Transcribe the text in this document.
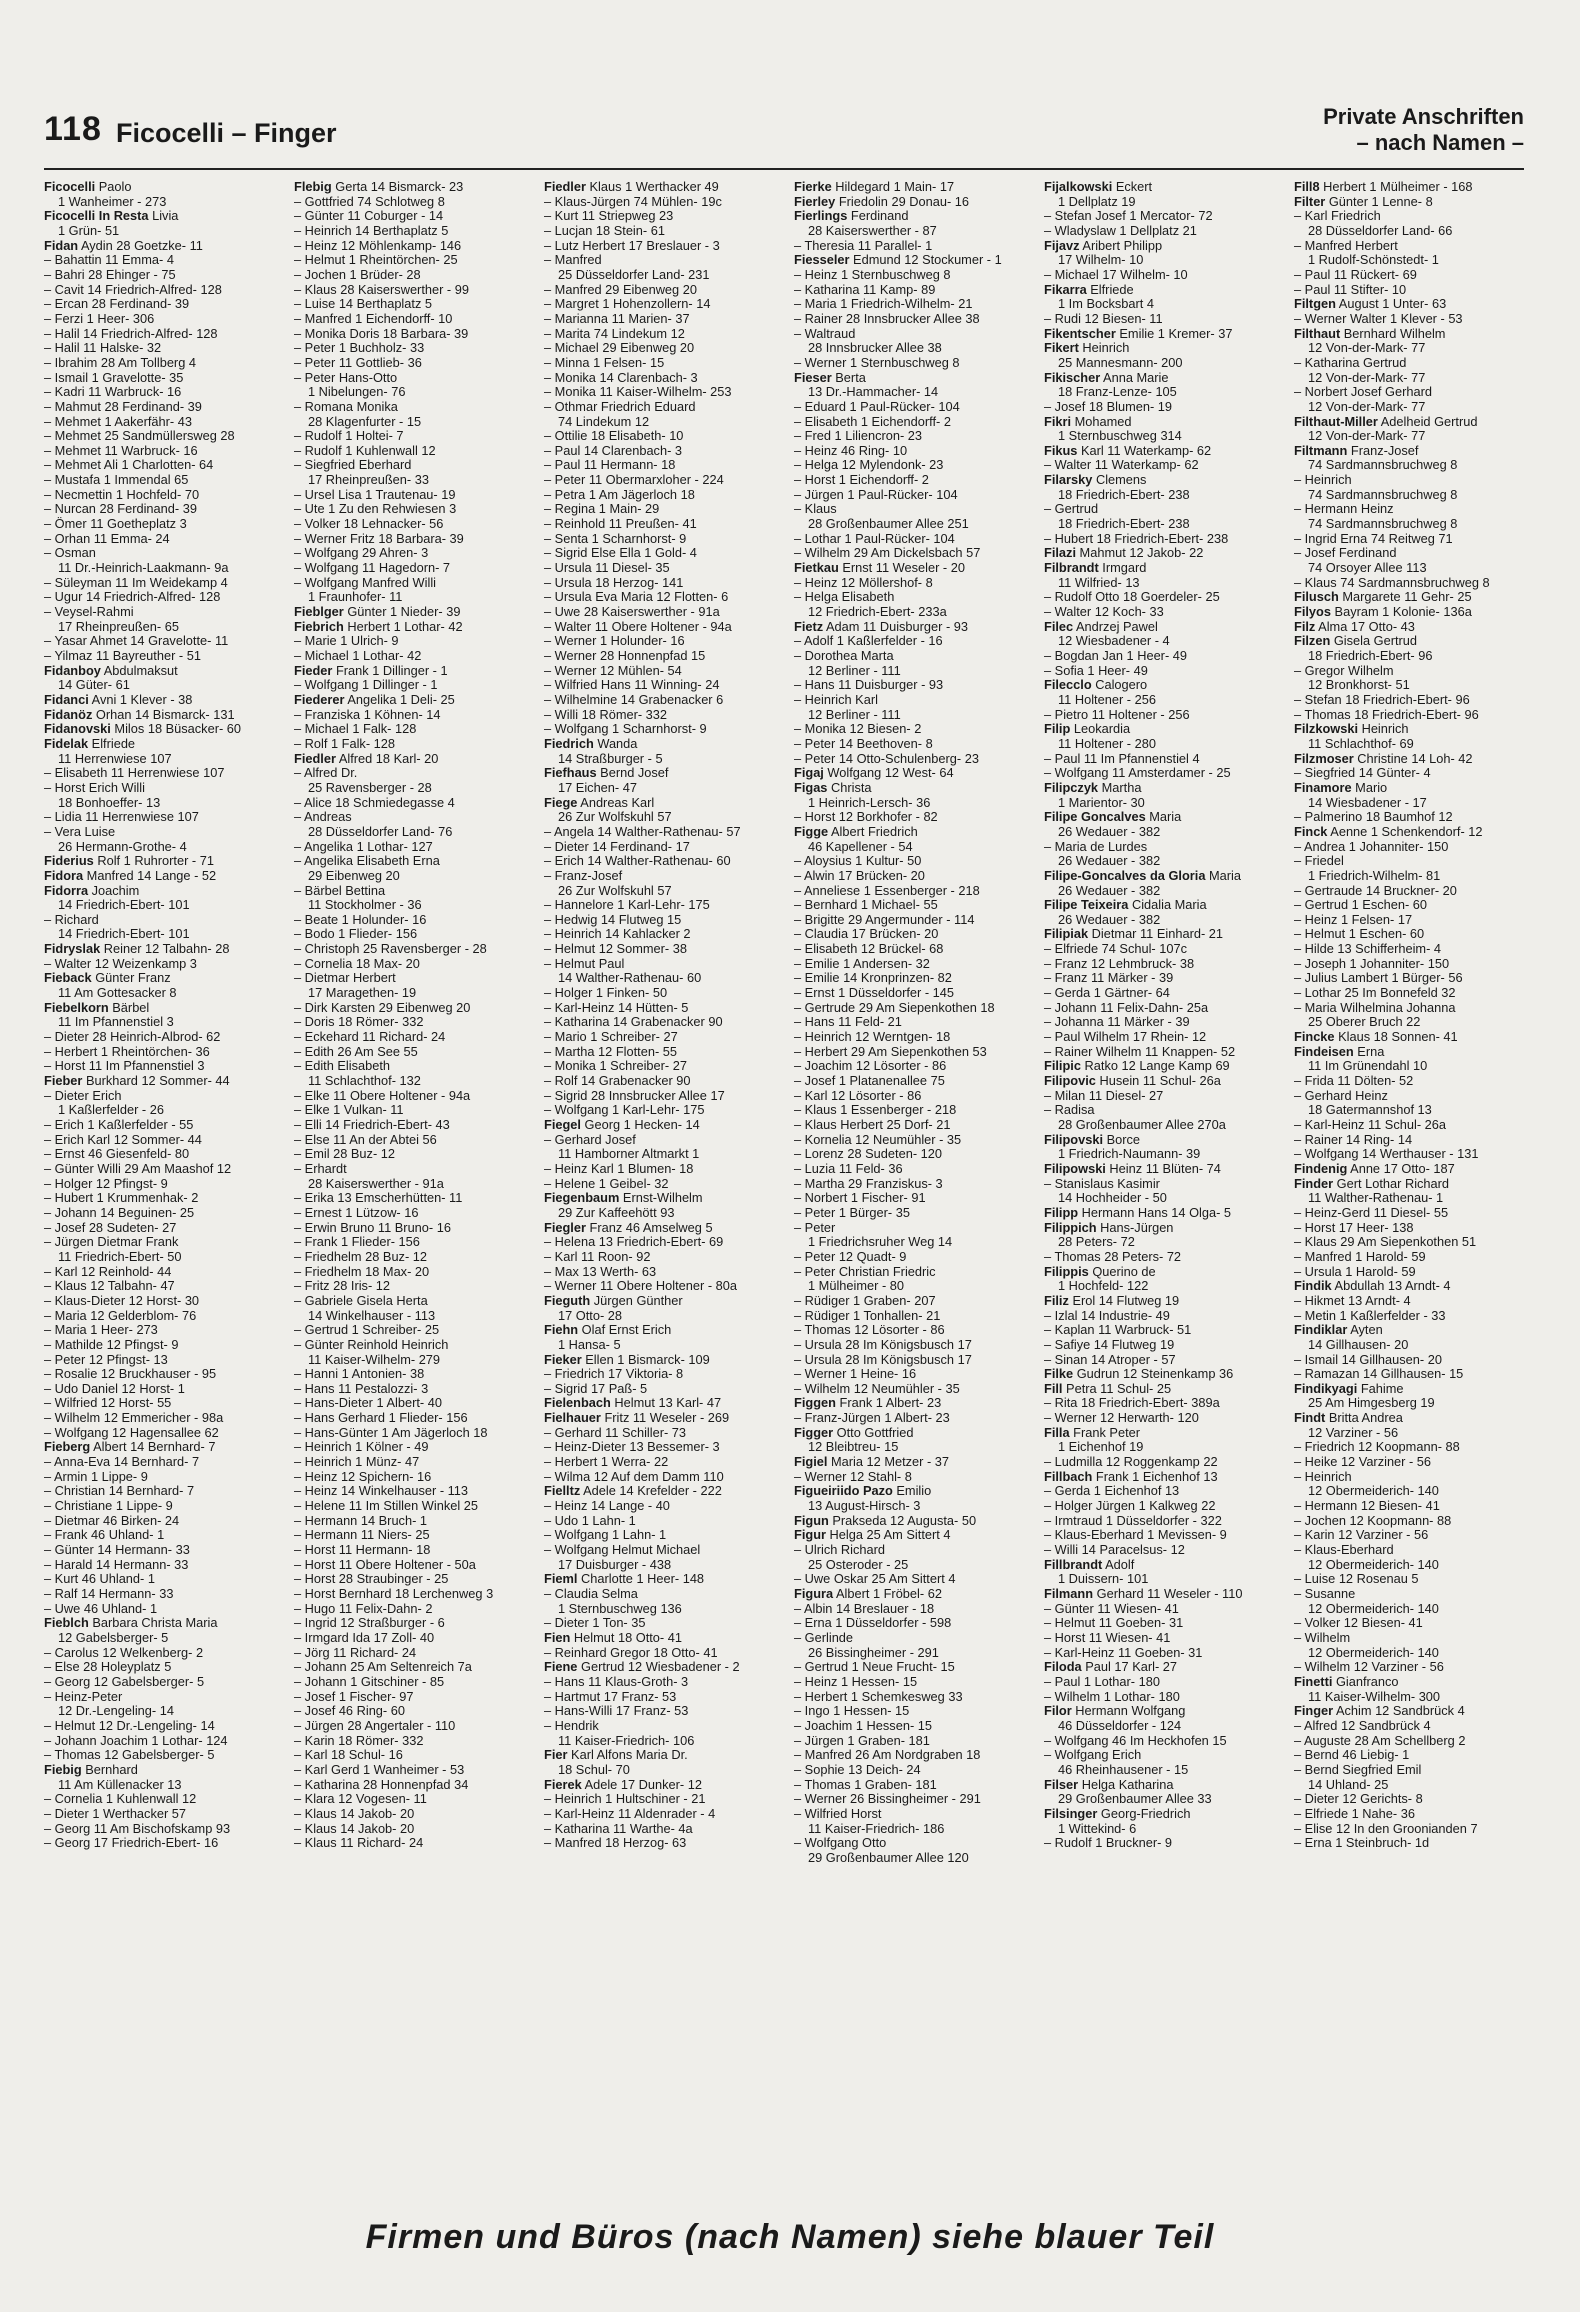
118 Ficocelli – Finger
Private Anschriften
– nach Namen –
Ficocelli Paolo
1 Wanheimer - 273
Ficocelli In Resta Livia
1 Grün- 51
Fidan Aydin 28 Goetzke- 11
– Bahattin 11 Emma- 4
– Bahri 28 Ehinger - 75
– Cavit 14 Friedrich-Alfred- 128
– Ercan 28 Ferdinand- 39
– Ferzi 1 Heer- 306
– Halil 14 Friedrich-Alfred- 128
– Halil 11 Halske- 32
– Ibrahim 28 Am Tollberg 4
– Ismail 1 Gravelotte- 35
– Kadri 11 Warbruck- 16
– Mahmut 28 Ferdinand- 39
– Mehmet 1 Aakerfähr- 43
– Mehmet 25 Sandmüllersweg 28
– Mehmet 11 Warbruck- 16
– Mehmet Ali 1 Charlotten- 64
– Mustafa 1 Immendal 65
– Necmettin 1 Hochfeld- 70
– Nurcan 28 Ferdinand- 39
– Ömer 11 Goetheplatz 3
– Orhan 11 Emma- 24
– Osman
11 Dr.-Heinrich-Laakmann- 9a
– Süleyman 11 Im Weidekamp 4
– Ugur 14 Friedrich-Alfred- 128
– Veysel-Rahmi
17 Rheinpreußen- 65
– Yasar Ahmet 14 Gravelotte- 11
– Yilmaz 11 Bayreuther - 51
Fidanboy Abdulmaksut
14 Güter- 61
Fidanci Avni 1 Klever - 38
Fidanöz Orhan 14 Bismarck- 131
Fidanovski Milos 18 Büsacker- 60
Fidelak Elfriede
11 Herrenwiese 107
– Elisabeth 11 Herrenwiese 107
– Horst Erich Willi
18 Bonhoeffer- 13
– Lidia 11 Herrenwiese 107
– Vera Luise
26 Hermann-Grothe- 4
Fiderius Rolf 1 Ruhrorter - 71
Fidora Manfred 14 Lange - 52
Fidorra Joachim
14 Friedrich-Ebert- 101
– Richard
14 Friedrich-Ebert- 101
Fidryslak Reiner 12 Talbahn- 28
– Walter 12 Weizenkamp 3
Fieback Günter Franz
11 Am Gottesacker 8
Fiebelkorn Bärbel
11 Im Pfannenstiel 3
– Dieter 28 Heinrich-Albrod- 62
– Herbert 1 Rheintörchen- 36
– Horst 11 Im Pfannenstiel 3
Fieber Burkhard 12 Sommer- 44
– Dieter Erich
1 Kaßlerfelder - 26
– Erich 1 Kaßlerfelder - 55
– Erich Karl 12 Sommer- 44
– Ernst 46 Giesenfeld- 80
– Günter Willi 29 Am Maashof 12
– Holger 12 Pfingst- 9
– Hubert 1 Krummenhak- 2
– Johann 14 Beguinen- 25
– Josef 28 Sudeten- 27
– Jürgen Dietmar Frank
11 Friedrich-Ebert- 50
– Karl 12 Reinhold- 44
– Klaus 12 Talbahn- 47
– Klaus-Dieter 12 Horst- 30
– Maria 12 Gelderblom- 76
– Maria 1 Heer- 273
– Mathilde 12 Pfingst- 9
– Peter 12 Pfingst- 13
– Rosalie 12 Bruckhauser - 95
– Udo Daniel 12 Horst- 1
– Wilfried 12 Horst- 55
– Wilhelm 12 Emmericher - 98a
– Wolfgang 12 Hagensallee 62
Fieberg Albert 14 Bernhard- 7
– Anna-Eva 14 Bernhard- 7
– Armin 1 Lippe- 9
– Christian 14 Bernhard- 7
– Christiane 1 Lippe- 9
– Dietmar 46 Birken- 24
– Frank 46 Uhland- 1
– Günter 14 Hermann- 33
– Harald 14 Hermann- 33
– Kurt 46 Uhland- 1
– Ralf 14 Hermann- 33
– Uwe 46 Uhland- 1
Fieblch Barbara Christa Maria
12 Gabelsberger- 5
– Carolus 12 Welkenberg- 2
– Else 28 Holeyplatz 5
– Georg 12 Gabelsberger- 5
– Heinz-Peter
12 Dr.-Lengeling- 14
– Helmut 12 Dr.-Lengeling- 14
– Johann Joachim 1 Lothar- 124
– Thomas 12 Gabelsberger- 5
Fiebig Bernhard
11 Am Küllenacker 13
– Cornelia 1 Kuhlenwall 12
– Dieter 1 Werthacker 57
– Georg 11 Am Bischofskamp 93
– Georg 17 Friedrich-Ebert- 16
Flebig Gerta 14 Bismarck- 23
– Gottfried 74 Schlotweg 8
– Günter 11 Coburger - 14
– Heinrich 14 Berthaplatz 5
– Heinz 12 Möhlenkamp- 146
– Helmut 1 Rheintörchen- 25
– Jochen 1 Brüder- 28
– Klaus 28 Kaiserswerther - 99
– Luise 14 Berthaplatz 5
– Manfred 1 Eichendorff- 10
– Monika Doris 18 Barbara- 39
– Peter 1 Buchholz- 33
– Peter 11 Gottlieb- 36
– Peter Hans-Otto
1 Nibelungen- 76
– Romana Monika
28 Klagenfurter - 15
– Rudolf 1 Holtei- 7
– Rudolf 1 Kuhlenwall 12
– Siegfried Eberhard
17 Rheinpreußen- 33
– Ursel Lisa 1 Trautenau- 19
– Ute 1 Zu den Rehwiesen 3
– Volker 18 Lehnacker- 56
– Werner Fritz 18 Barbara- 39
– Wolfgang 29 Ahren- 3
– Wolfgang 11 Hagedorn- 7
– Wolfgang Manfred Willi
1 Fraunhofer- 11
Fieblger Günter 1 Nieder- 39
Fiebrich Herbert 1 Lothar- 42
– Marie 1 Ulrich- 9
– Michael 1 Lothar- 42
Fieder Frank 1 Dillinger - 1
– Wolfgang 1 Dillinger - 1
Fiederer Angelika 1 Deli- 25
– Franziska 1 Köhnen- 14
– Michael 1 Falk- 128
– Rolf 1 Falk- 128
Fiedler Alfred 18 Karl- 20
– Alfred Dr.
25 Ravensberger - 28
– Alice 18 Schmiedegasse 4
– Andreas
28 Düsseldorfer Land- 76
– Angelika 1 Lothar- 127
– Angelika Elisabeth Erna
29 Eibenweg 20
– Bärbel Bettina
11 Stockholmer - 36
– Beate 1 Holunder- 16
– Bodo 1 Flieder- 156
– Christoph 25 Ravensberger - 28
– Cornelia 18 Max- 20
– Dietmar Herbert
17 Maragethen- 19
– Dirk Karsten 29 Eibenweg 20
– Doris 18 Römer- 332
– Eckehard 11 Richard- 24
– Edith 26 Am See 55
– Edith Elisabeth
11 Schlachthof- 132
– Elke 11 Obere Holtener - 94a
– Elke 1 Vulkan- 11
– Elli 14 Friedrich-Ebert- 43
– Else 11 An der Abtei 56
– Emil 28 Buz- 12
– Erhardt
28 Kaiserswerther - 91a
– Erika 13 Emscherhütten- 11
– Ernest 1 Lützow- 16
– Erwin Bruno 11 Bruno- 16
– Frank 1 Flieder- 156
– Friedhelm 28 Buz- 12
– Friedhelm 18 Max- 20
– Fritz 28 Iris- 12
– Gabriele Gisela Herta
14 Winkelhauser - 113
– Gertrud 1 Schreiber- 25
– Günter Reinhold Heinrich
11 Kaiser-Wilhelm- 279
– Hanni 1 Antonien- 38
– Hans 11 Pestalozzi- 3
– Hans-Dieter 1 Albert- 40
– Hans Gerhard 1 Flieder- 156
– Hans-Günter 1 Am Jägerloch 18
– Heinrich 1 Kölner - 49
– Heinrich 1 Münz- 47
– Heinz 12 Spichern- 16
– Heinz 14 Winkelhauser - 113
– Helene 11 Im Stillen Winkel 25
– Hermann 14 Bruch- 1
– Hermann 11 Niers- 25
– Horst 11 Hermann- 18
– Horst 11 Obere Holtener - 50a
– Horst 28 Straubinger - 25
– Horst Bernhard 18 Lerchenweg 3
– Hugo 11 Felix-Dahn- 2
– Ingrid 12 Straßburger - 6
– Irmgard Ida 17 Zoll- 40
– Jörg 11 Richard- 24
– Johann 25 Am Seltenreich 7a
– Johann 1 Gitschiner - 85
– Josef 1 Fischer- 97
– Josef 46 Ring- 60
– Jürgen 28 Angertaler - 110
– Karin 18 Römer- 332
– Karl 18 Schul- 16
– Karl Gerd 1 Wanheimer - 53
– Katharina 28 Honnenpfad 34
– Klara 12 Vogesen- 11
– Klaus 14 Jakob- 20
– Klaus 14 Jakob- 20
– Klaus 11 Richard- 24
Fiedler Klaus 1 Werthacker 49
– Klaus-Jürgen 74 Mühlen- 19c
– Kurt 11 Striepweg 23
– Lucjan 18 Stein- 61
– Lutz Herbert 17 Breslauer - 3
– Manfred
25 Düsseldorfer Land- 231
– Manfred 29 Eibenweg 20
– Margret 1 Hohenzollern- 14
– Marianna 11 Marien- 37
– Marita 74 Lindekum 12
– Michael 29 Eibenweg 20
– Minna 1 Felsen- 15
– Monika 14 Clarenbach- 3
– Monika 11 Kaiser-Wilhelm- 253
– Othmar Friedrich Eduard
74 Lindekum 12
– Ottilie 18 Elisabeth- 10
– Paul 14 Clarenbach- 3
– Paul 11 Hermann- 18
– Peter 11 Obermarxloher - 224
– Petra 1 Am Jägerloch 18
– Regina 1 Main- 29
– Reinhold 11 Preußen- 41
– Senta 1 Scharnhorst- 9
– Sigrid Else Ella 1 Gold- 4
– Ursula 11 Diesel- 35
– Ursula 18 Herzog- 141
– Ursula Eva Maria 12 Flotten- 6
– Uwe 28 Kaiserswerther - 91a
– Walter 11 Obere Holtener - 94a
– Werner 1 Holunder- 16
– Werner 28 Honnenpfad 15
– Werner 12 Mühlen- 54
– Wilfried Hans 11 Winning- 24
– Wilhelmine 14 Grabenacker 6
– Willi 18 Römer- 332
– Wolfgang 1 Scharnhorst- 9
Fiedrich Wanda
14 Straßburger - 5
Fiefhaus Bernd Josef
17 Eichen- 47
Fiege Andreas Karl
26 Zur Wolfskuhl 57
– Angela 14 Walther-Rathenau- 57
– Dieter 14 Ferdinand- 17
– Erich 14 Walther-Rathenau- 60
– Franz-Josef
26 Zur Wolfskuhl 57
– Hannelore 1 Karl-Lehr- 175
– Hedwig 14 Flutweg 15
– Heinrich 14 Kahlacker 2
– Helmut 12 Sommer- 38
– Helmut Paul
14 Walther-Rathenau- 60
– Holger 1 Finken- 50
– Karl-Heinz 14 Hütten- 5
– Katharina 14 Grabenacker 90
– Mario 1 Schreiber- 27
– Martha 12 Flotten- 55
– Monika 1 Schreiber- 27
– Rolf 14 Grabenacker 90
– Sigrid 28 Innsbrucker Allee 17
– Wolfgang 1 Karl-Lehr- 175
Fiegel Georg 1 Hecken- 14
– Gerhard Josef
11 Hamborner Altmarkt 1
– Heinz Karl 1 Blumen- 18
– Helene 1 Geibel- 32
Fiegenbaum Ernst-Wilhelm
29 Zur Kaffeehött 93
Fiegler Franz 46 Amselweg 5
– Helena 13 Friedrich-Ebert- 69
– Karl 11 Roon- 92
– Max 13 Werth- 63
– Werner 11 Obere Holtener - 80a
Fieguth Jürgen Günther
17 Otto- 28
Fiehn Olaf Ernst Erich
1 Hansa- 5
Fieker Ellen 1 Bismarck- 109
– Friedrich 17 Viktoria- 8
– Sigrid 17 Paß- 5
Fielenbach Helmut 13 Karl- 47
Fielhauer Fritz 11 Weseler - 269
– Gerhard 11 Schiller- 73
– Heinz-Dieter 13 Bessemer- 3
– Herbert 1 Werra- 22
– Wilma 12 Auf dem Damm 110
Fielltz Adele 14 Krefelder - 222
– Heinz 14 Lange - 40
– Udo 1 Lahn- 1
– Wolfgang 1 Lahn- 1
– Wolfgang Helmut Michael
17 Duisburger - 438
Fieml Charlotte 1 Heer- 148
– Claudia Selma
1 Sternbuschweg 136
– Dieter 1 Ton- 35
Fien Helmut 18 Otto- 41
– Reinhard Gregor 18 Otto- 41
Fiene Gertrud 12 Wiesbadener - 2
– Hans 11 Klaus-Groth- 3
– Hartmut 17 Franz- 53
– Hans-Willi 17 Franz- 53
– Hendrik
11 Kaiser-Friedrich- 106
Fier Karl Alfons Maria Dr.
18 Schul- 70
Fierek Adele 17 Dunker- 12
– Heinrich 1 Hultschiner - 21
– Karl-Heinz 11 Aldenrader - 4
– Katharina 11 Warthe- 4a
– Manfred 18 Herzog- 63
Fierke Hildegard 1 Main- 17
Fierley Friedolin 29 Donau- 16
Fierlings Ferdinand
28 Kaiserswerther - 87
– Theresia 11 Parallel- 1
Fiesseler Edmund 12 Stockumer - 1
– Heinz 1 Sternbuschweg 8
– Katharina 11 Kamp- 89
– Maria 1 Friedrich-Wilhelm- 21
– Rainer 28 Innsbrucker Allee 38
– Waltraud
28 Innsbrucker Allee 38
– Werner 1 Sternbuschweg 8
Fieser Berta
13 Dr.-Hammacher- 14
– Eduard 1 Paul-Rücker- 104
– Elisabeth 1 Eichendorff- 2
– Fred 1 Liliencron- 23
– Heinz 46 Ring- 10
– Helga 12 Mylendonk- 23
– Horst 1 Eichendorff- 2
– Jürgen 1 Paul-Rücker- 104
– Klaus
28 Großenbaumer Allee 251
– Lothar 1 Paul-Rücker- 104
– Wilhelm 29 Am Dickelsbach 57
Fietkau Ernst 11 Weseler - 20
– Heinz 12 Möllershof- 8
– Helga Elisabeth
12 Friedrich-Ebert- 233a
Fietz Adam 11 Duisburger - 93
– Adolf 1 Kaßlerfelder - 16
– Dorothea Marta
12 Berliner - 111
– Hans 11 Duisburger - 93
– Heinrich Karl
12 Berliner - 111
– Monika 12 Biesen- 2
– Peter 14 Beethoven- 8
– Peter 14 Otto-Schulenberg- 23
Figaj Wolfgang 12 West- 64
Figas Christa
1 Heinrich-Lersch- 36
– Horst 12 Borkhofer - 82
Figge Albert Friedrich
46 Kapellener - 54
– Aloysius 1 Kultur- 50
– Alwin 17 Brücken- 20
– Anneliese 1 Essenberger - 218
– Bernhard 1 Michael- 55
– Brigitte 29 Angermunder - 114
– Claudia 17 Brücken- 20
– Elisabeth 12 Brückel- 68
– Emilie 1 Andersen- 32
– Emilie 14 Kronprinzen- 82
– Ernst 1 Düsseldorfer - 145
– Gertrude 29 Am Siepenkothen 18
– Hans 11 Feld- 21
– Heinrich 12 Werntgen- 18
– Herbert 29 Am Siepenkothen 53
– Joachim 12 Lösorter - 86
– Josef 1 Platanenallee 75
– Karl 12 Lösorter - 86
– Klaus 1 Essenberger - 218
– Klaus Herbert 25 Dorf- 21
– Kornelia 12 Neumühler - 35
– Lorenz 28 Sudeten- 120
– Luzia 11 Feld- 36
– Martha 29 Franziskus- 3
– Norbert 1 Fischer- 91
– Peter 1 Bürger- 35
– Peter
1 Friedrichsruher Weg 14
– Peter 12 Quadt- 9
– Peter Christian Friedric
1 Mülheimer - 80
– Rüdiger 1 Graben- 207
– Rüdiger 1 Tonhallen- 21
– Thomas 12 Lösorter - 86
– Ursula 28 Im Königsbusch 17
– Ursula 28 Im Königsbusch 17
– Werner 1 Heine- 16
– Wilhelm 12 Neumühler - 35
Figgen Frank 1 Albert- 23
– Franz-Jürgen 1 Albert- 23
Figger Otto Gottfried
12 Bleibtreu- 15
Figiel Maria 12 Metzer - 37
– Werner 12 Stahl- 8
Figueiriido Pazo Emilio
13 August-Hirsch- 3
Figun Prakseda 12 Augusta- 50
Figur Helga 25 Am Sittert 4
– Ulrich Richard
25 Osteroder - 25
– Uwe Oskar 25 Am Sittert 4
Figura Albert 1 Fröbel- 62
– Albin 14 Breslauer - 18
– Erna 1 Düsseldorfer - 598
– Gerlinde
26 Bissingheimer - 291
– Gertrud 1 Neue Frucht- 15
– Heinz 1 Hessen- 15
– Herbert 1 Schemkesweg 33
– Ingo 1 Hessen- 15
– Joachim 1 Hessen- 15
– Jürgen 1 Graben- 181
– Manfred 26 Am Nordgraben 18
– Sophie 13 Deich- 24
– Thomas 1 Graben- 181
– Werner 26 Bissingheimer - 291
– Wilfried Horst
11 Kaiser-Friedrich- 186
– Wolfgang Otto
29 Großenbaumer Allee 120
Fijalkowski Eckert
1 Dellplatz 19
– Stefan Josef 1 Mercator- 72
– Wladyslaw 1 Dellplatz 21
Fijavz Aribert Philipp
17 Wilhelm- 10
– Michael 17 Wilhelm- 10
Fikarra Elfriede
1 Im Bocksbart 4
– Rudi 12 Biesen- 11
Fikentscher Emilie 1 Kremer- 37
Fikert Heinrich
25 Mannesmann- 200
Fikischer Anna Marie
18 Franz-Lenze- 105
– Josef 18 Blumen- 19
Fikri Mohamed
1 Sternbuschweg 314
Fikus Karl 11 Waterkamp- 62
– Walter 11 Waterkamp- 62
Filarsky Clemens
18 Friedrich-Ebert- 238
– Gertrud
18 Friedrich-Ebert- 238
– Hubert 18 Friedrich-Ebert- 238
Filazi Mahmut 12 Jakob- 22
Filbrandt Irmgard
11 Wilfried- 13
– Rudolf Otto 18 Goerdeler- 25
– Walter 12 Koch- 33
Filec Andrzej Pawel
12 Wiesbadener - 4
– Bogdan Jan 1 Heer- 49
– Sofia 1 Heer- 49
Filecclo Calogero
11 Holtener - 256
– Pietro 11 Holtener - 256
Filip Leokardia
11 Holtener - 280
– Paul 11 Im Pfannenstiel 4
– Wolfgang 11 Amsterdamer - 25
Filipczyk Martha
1 Marientor- 30
Filipe Goncalves Maria
26 Wedauer - 382
– Maria de Lurdes
26 Wedauer - 382
Filipe-Goncalves da Gloria Maria
26 Wedauer - 382
Filipe Teixeira Cidalia Maria
26 Wedauer - 382
Filipiak Dietmar 11 Einhard- 21
– Elfriede 74 Schul- 107c
– Franz 12 Lehmbruck- 38
– Franz 11 Märker - 39
– Gerda 1 Gärtner- 64
– Johann 11 Felix-Dahn- 25a
– Johanna 11 Märker - 39
– Paul Wilhelm 17 Rhein- 12
– Rainer Wilhelm 11 Knappen- 52
Filipic Ratko 12 Lange Kamp 69
Filipovic Husein 11 Schul- 26a
– Milan 11 Diesel- 27
– Radisa
28 Großenbaumer Allee 270a
Filipovski Borce
1 Friedrich-Naumann- 39
Filipowski Heinz 11 Blüten- 74
– Stanislaus Kasimir
14 Hochheider - 50
Filipp Hermann Hans 14 Olga- 5
Filippich Hans-Jürgen
28 Peters- 72
– Thomas 28 Peters- 72
Filippis Querino de
1 Hochfeld- 122
Filiz Erol 14 Flutweg 19
– Izlal 14 Industrie- 49
– Kaplan 11 Warbruck- 51
– Safiye 14 Flutweg 19
– Sinan 14 Atroper - 57
Filke Gudrun 12 Steinenkamp 36
Fill Petra 11 Schul- 25
– Rita 18 Friedrich-Ebert- 389a
– Werner 12 Herwarth- 120
Filla Frank Peter
1 Eichenhof 19
– Ludmilla 12 Roggenkamp 22
Fillbach Frank 1 Eichenhof 13
– Gerda 1 Eichenhof 13
– Holger Jürgen 1 Kalkweg 22
– Irmtraud 1 Düsseldorfer - 322
– Klaus-Eberhard 1 Mevissen- 9
– Willi 14 Paracelsus- 12
Fillbrandt Adolf
1 Duissern- 101
Filmann Gerhard 11 Weseler - 110
– Günter 11 Wiesen- 41
– Helmut 11 Goeben- 31
– Horst 11 Wiesen- 41
– Karl-Heinz 11 Goeben- 31
Filoda Paul 17 Karl- 27
– Paul 1 Lothar- 180
– Wilhelm 1 Lothar- 180
Filor Hermann Wolfgang
46 Düsseldorfer - 124
– Wolfgang 46 Im Heckhofen 15
– Wolfgang Erich
46 Rheinhausener - 15
Filser Helga Katharina
29 Großenbaumer Allee 33
Filsinger Georg-Friedrich
1 Wittekind- 6
– Rudolf 1 Bruckner- 9
Fill8 Herbert 1 Mülheimer - 168
Filter Günter 1 Lenne- 8
– Karl Friedrich
28 Düsseldorfer Land- 66
– Manfred Herbert
1 Rudolf-Schönstedt- 1
– Paul 11 Rückert- 69
– Paul 11 Stifter- 10
Filtgen August 1 Unter- 63
– Werner Walter 1 Klever - 53
Filthaut Bernhard Wilhelm
12 Von-der-Mark- 77
– Katharina Gertrud
12 Von-der-Mark- 77
– Norbert Josef Gerhard
12 Von-der-Mark- 77
Filthaut-Miller Adelheid Gertrud
12 Von-der-Mark- 77
Filtmann Franz-Josef
74 Sardmannsbruchweg 8
– Heinrich
74 Sardmannsbruchweg 8
– Hermann Heinz
74 Sardmannsbruchweg 8
– Ingrid Erna 74 Reitweg 71
– Josef Ferdinand
74 Orsoyer Allee 113
– Klaus 74 Sardmannsbruchweg 8
Filusch Margarete 11 Gehr- 25
Filyos Bayram 1 Kolonie- 136a
Filz Alma 17 Otto- 43
Filzen Gisela Gertrud
18 Friedrich-Ebert- 96
– Gregor Wilhelm
12 Bronkhorst- 51
– Stefan 18 Friedrich-Ebert- 96
– Thomas 18 Friedrich-Ebert- 96
Filzkowski Heinrich
11 Schlachthof- 69
Filzmoser Christine 14 Loh- 42
– Siegfried 14 Günter- 4
Finamore Mario
14 Wiesbadener - 17
– Palmerino 18 Baumhof 12
Finck Aenne 1 Schenkendorf- 12
– Andrea 1 Johanniter- 150
– Friedel
1 Friedrich-Wilhelm- 81
– Gertraude 14 Bruckner- 20
– Gertrud 1 Eschen- 60
– Heinz 1 Felsen- 17
– Helmut 1 Eschen- 60
– Hilde 13 Schifferheim- 4
– Joseph 1 Johanniter- 150
– Julius Lambert 1 Bürger- 56
– Lothar 25 Im Bonnefeld 32
– Maria Wilhelmina Johanna
25 Oberer Bruch 22
Fincke Klaus 18 Sonnen- 41
Findeisen Erna
11 Im Grünendahl 10
– Frida 11 Dölten- 52
– Gerhard Heinz
18 Gatermannshof 13
– Karl-Heinz 11 Schul- 26a
– Rainer 14 Ring- 14
– Wolfgang 14 Werthauser - 131
Findenig Anne 17 Otto- 187
Finder Gert Lothar Richard
11 Walther-Rathenau- 1
– Heinz-Gerd 11 Diesel- 55
– Horst 17 Heer- 138
– Klaus 29 Am Siepenkothen 51
– Manfred 1 Harold- 59
– Ursula 1 Harold- 59
Findik Abdullah 13 Arndt- 4
– Hikmet 13 Arndt- 4
– Metin 1 Kaßlerfelder - 33
Findiklar Ayten
14 Gillhausen- 20
– Ismail 14 Gillhausen- 20
– Ramazan 14 Gillhausen- 15
Findikyagi Fahime
25 Am Himgesberg 19
Findt Britta Andrea
12 Varziner - 56
– Friedrich 12 Koopmann- 88
– Heike 12 Varziner - 56
– Heinrich
12 Obermeiderich- 140
– Hermann 12 Biesen- 41
– Jochen 12 Koopmann- 88
– Karin 12 Varziner - 56
– Klaus-Eberhard
12 Obermeiderich- 140
– Luise 12 Rosenau 5
– Susanne
12 Obermeiderich- 140
– Volker 12 Biesen- 41
– Wilhelm
12 Obermeiderich- 140
– Wilhelm 12 Varziner - 56
Finetti Gianfranco
11 Kaiser-Wilhelm- 300
Finger Achim 12 Sandbrück 4
– Alfred 12 Sandbrück 4
– Auguste 28 Am Schellberg 2
– Bernd 46 Liebig- 1
– Bernd Siegfried Emil
14 Uhland- 25
– Dieter 12 Gerichts- 8
– Elfriede 1 Nahe- 36
– Elise 12 In den Groonianden 7
– Erna 1 Steinbruch- 1d
Firmen und Büros (nach Namen) siehe blauer Teil
